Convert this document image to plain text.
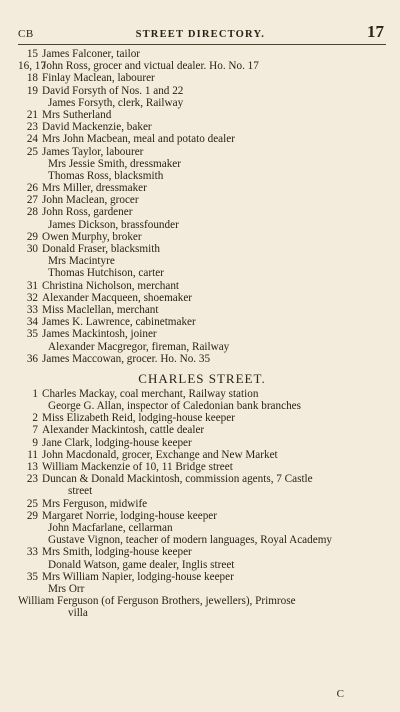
CB	STREET DIRECTORY.	17
15 James Falconer, tailor
16, 17
John Ross, grocer and victual dealer. Ho. No. 17
18 Finlay Maclean, labourer
19 David Forsyth of Nos. 1 and 22
James Forsyth, clerk, Railway
21 Mrs Sutherland
23 David Mackenzie, baker
24 Mrs John Macbean, meal and potato dealer
25 James Taylor, labourer
Mrs Jessie Smith, dressmaker
Thomas Ross, blacksmith
26 Mrs Miller, dressmaker
27 John Maclean, grocer
28 John Ross, gardener
James Dickson, brassfounder
29 Owen Murphy, broker
30 Donald Fraser, blacksmith
Mrs Macintyre
Thomas Hutchison, carter
31 Christina Nicholson, merchant
32 Alexander Macqueen, shoemaker
33 Miss Maclellan, merchant
34 James K. Lawrence, cabinetmaker
35 James Mackintosh, joiner
Alexander Macgregor, fireman, Railway
36 James Maccowan, grocer. Ho. No. 35
CHARLES STREET.
1 Charles Mackay, coal merchant, Railway station
George G. Allan, inspector of Caledonian bank branches
2 Miss Elizabeth Reid, lodging-house keeper
7 Alexander Mackintosh, cattle dealer
9 Jane Clark, lodging-house keeper
11 John Macdonald, grocer, Exchange and New Market
13 William Mackenzie of 10, 11 Bridge street
23 Duncan & Donald Mackintosh, commission agents, 7 Castle
street
25 Mrs Ferguson, midwife
29 Margaret Norrie, lodging-house keeper
John Macfarlane, cellarman
Gustave Vignon, teacher of modern languages, Royal Academy
33 Mrs Smith, lodging-house keeper
Donald Watson, game dealer, Inglis street
35 Mrs William Napier, lodging-house keeper
Mrs Orr
William Ferguson (of Ferguson Brothers, jewellers), Primrose
villa
C
